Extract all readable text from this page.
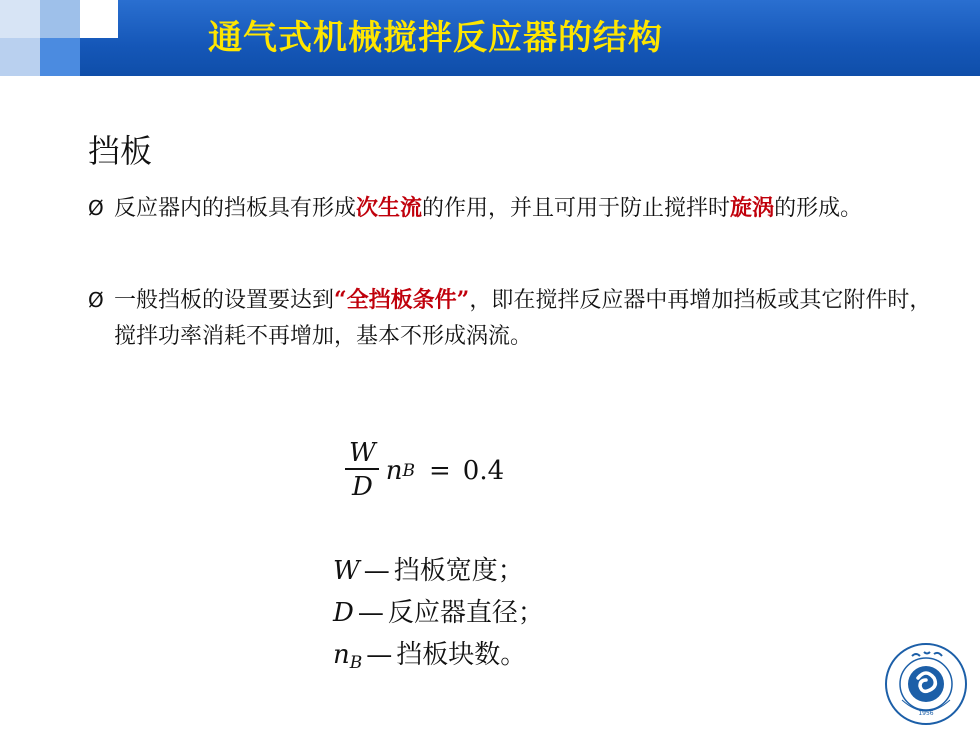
通气式机械搅拌反应器的结构
挡板
Ø 反应器内的挡板具有形成次生流的作用，并且可用于防止搅拌时旋涡的形成。
Ø 一般挡板的设置要达到“全挡板条件”，即在搅拌反应器中再增加挡板或其它附件时，搅拌功率消耗不再增加，基本不形成涡流。
$\frac{W}{D}$ n B = 0.4
W — 挡板宽度；
D — 反应器直径；
$n_B$ — 挡板块数。
1956
